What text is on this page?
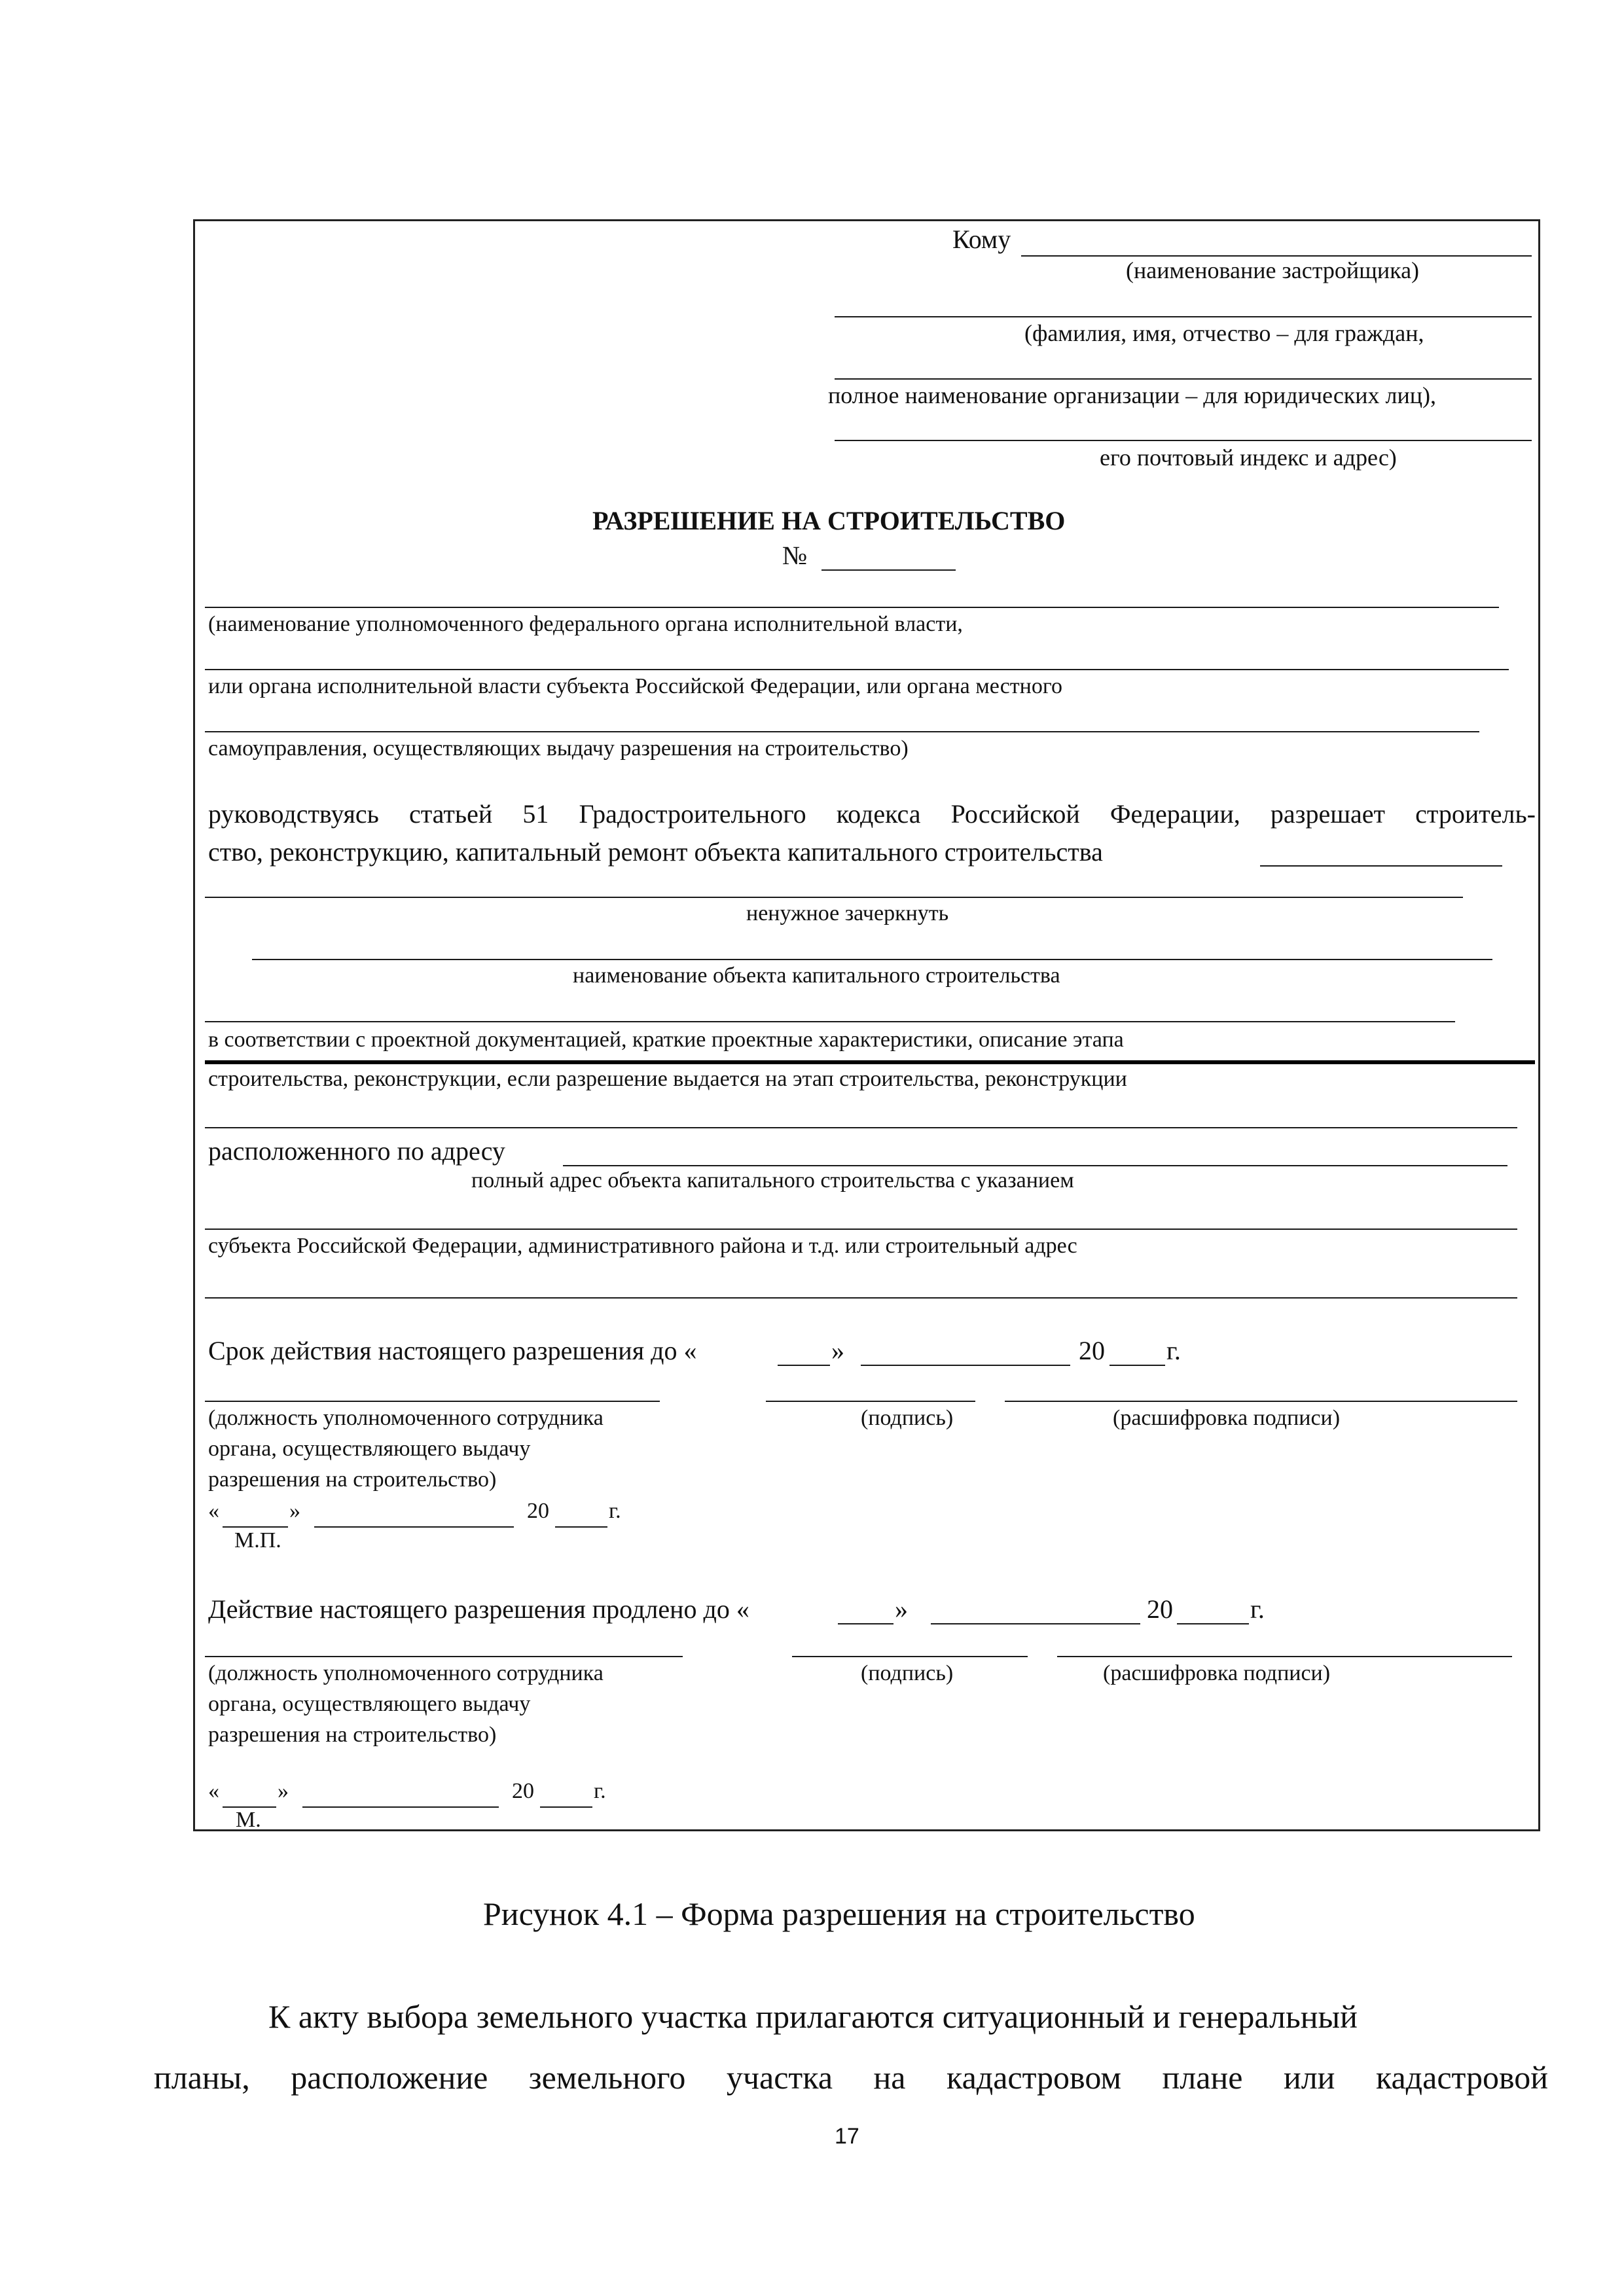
Кому
(наименование застройщика)
(фамилия, имя, отчество – для граждан,
полное наименование организации – для юридических лиц),
его почтовый индекс и адрес)
РАЗРЕШЕНИЕ НА СТРОИТЕЛЬСТВО
№
(наименование уполномоченного федерального органа исполнительной власти,
или органа исполнительной власти субъекта Российской Федерации, или органа местного
самоуправления, осуществляющих выдачу разрешения на строительство)
руководствуясь статьей 51 Градостроительного кодекса Российской Федерации, разрешает строитель-
ство, реконструкцию, капитальный ремонт объекта капитального строительства
ненужное зачеркнуть
наименование объекта капитального строительства
в соответствии с проектной документацией, краткие проектные характеристики, описание этапа
строительства, реконструкции, если разрешение выдается на этап строительства, реконструкции
расположенного по адресу
полный адрес объекта капитального строительства с указанием
субъекта Российской Федерации, административного района и т.д. или строительный адрес
Срок действия настоящего разрешения до «	»	20 г.
(должность уполномоченного сотрудника	(подпись)	(расшифровка подписи)
органа, осуществляющего выдачу
разрешения на строительство)
«	»	20	г.
М.П.
Действие настоящего разрешения продлено до «	»	20	г.
(должность уполномоченного сотрудника	(подпись)	(расшифровка подписи)
органа, осуществляющего выдачу
разрешения на строительство)
«	»	20	г.
М.
Рисунок 4.1 – Форма разрешения на строительство
К акту выбора земельного участка прилагаются ситуационный и генеральный
планы, расположение земельного участка на кадастровом плане или кадастровой
17
